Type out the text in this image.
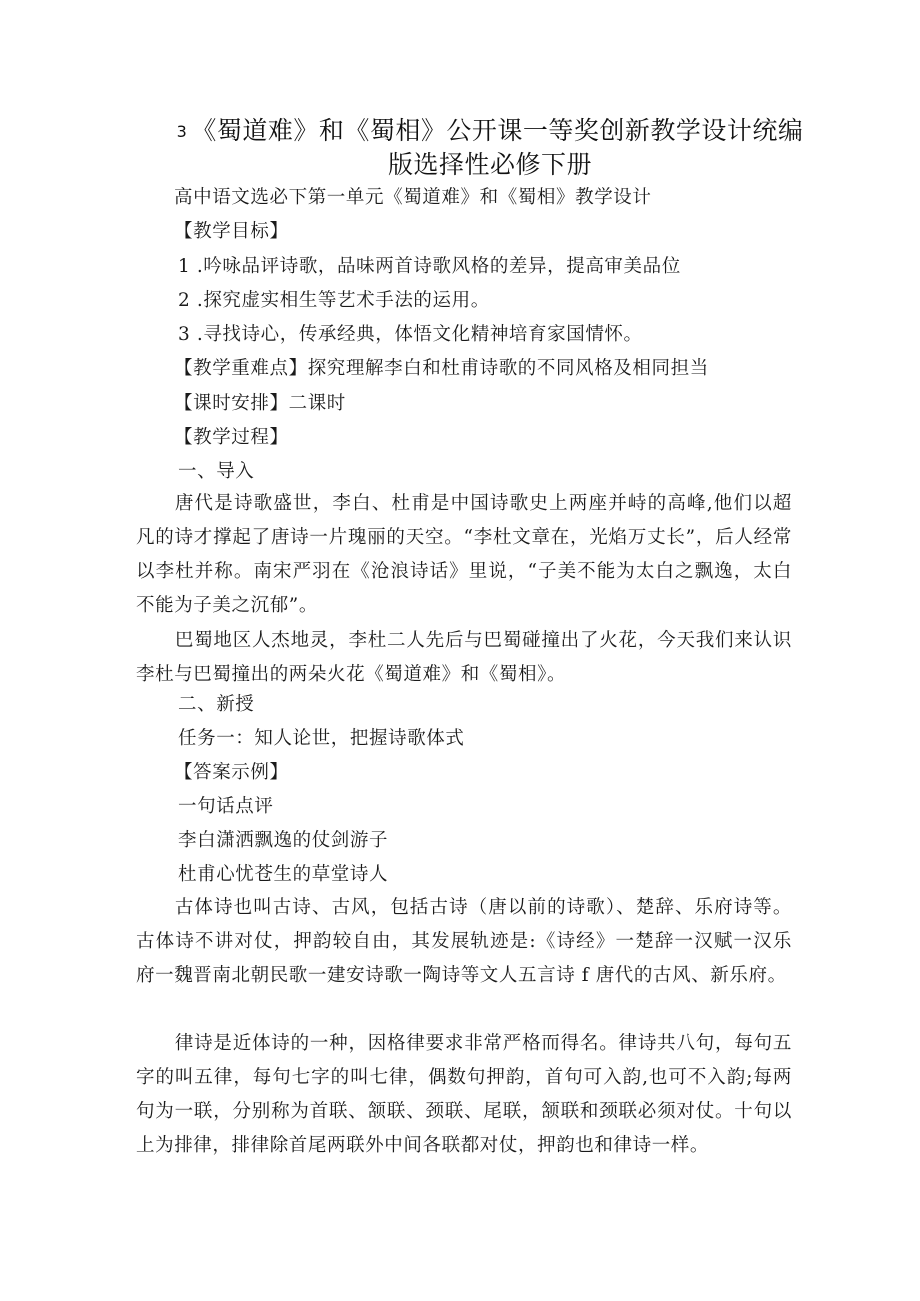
3 《蜀道难》和《蜀相》公开课一等奖创新教学设计统编
版选择性必修下册
高中语文选必下第一单元《蜀道难》和《蜀相》教学设计
【教学目标】
1 .吟咏品评诗歌，品味两首诗歌风格的差异，提高审美品位
2 .探究虚实相生等艺术手法的运用。
3 .寻找诗心，传承经典，体悟文化精神培育家国情怀。
【教学重难点】探究理解李白和杜甫诗歌的不同风格及相同担当
【课时安排】二课时
【教学过程】
一、导入
唐代是诗歌盛世，李白、杜甫是中国诗歌史上两座并峙的高峰,他们以超凡的诗才撑起了唐诗一片瑰丽的天空。“李杜文章在，光焰万丈长”，后人经常以李杜并称。南宋严羽在《沧浪诗话》里说，“子美不能为太白之飘逸，太白不能为子美之沉郁”。
巴蜀地区人杰地灵，李杜二人先后与巴蜀碰撞出了火花，今天我们来认识李杜与巴蜀撞出的两朵火花《蜀道难》和《蜀相》。
二、新授
任务一：知人论世，把握诗歌体式
【答案示例】
一句话点评
李白潇洒飘逸的仗剑游子
杜甫心忧苍生的草堂诗人
古体诗也叫古诗、古风，包括古诗（唐以前的诗歌）、楚辞、乐府诗等。古体诗不讲对仗，押韵较自由，其发展轨迹是:《诗经》一楚辞一汉赋一汉乐府一魏晋南北朝民歌一建安诗歌一陶诗等文人五言诗 f 唐代的古风、新乐府。
律诗是近体诗的一种，因格律要求非常严格而得名。律诗共八句，每句五字的叫五律，每句七字的叫七律，偶数句押韵，首句可入韵,也可不入韵;每两句为一联，分别称为首联、颔联、颈联、尾联，颔联和颈联必须对仗。十句以上为排律，排律除首尾两联外中间各联都对仗，押韵也和律诗一样。
